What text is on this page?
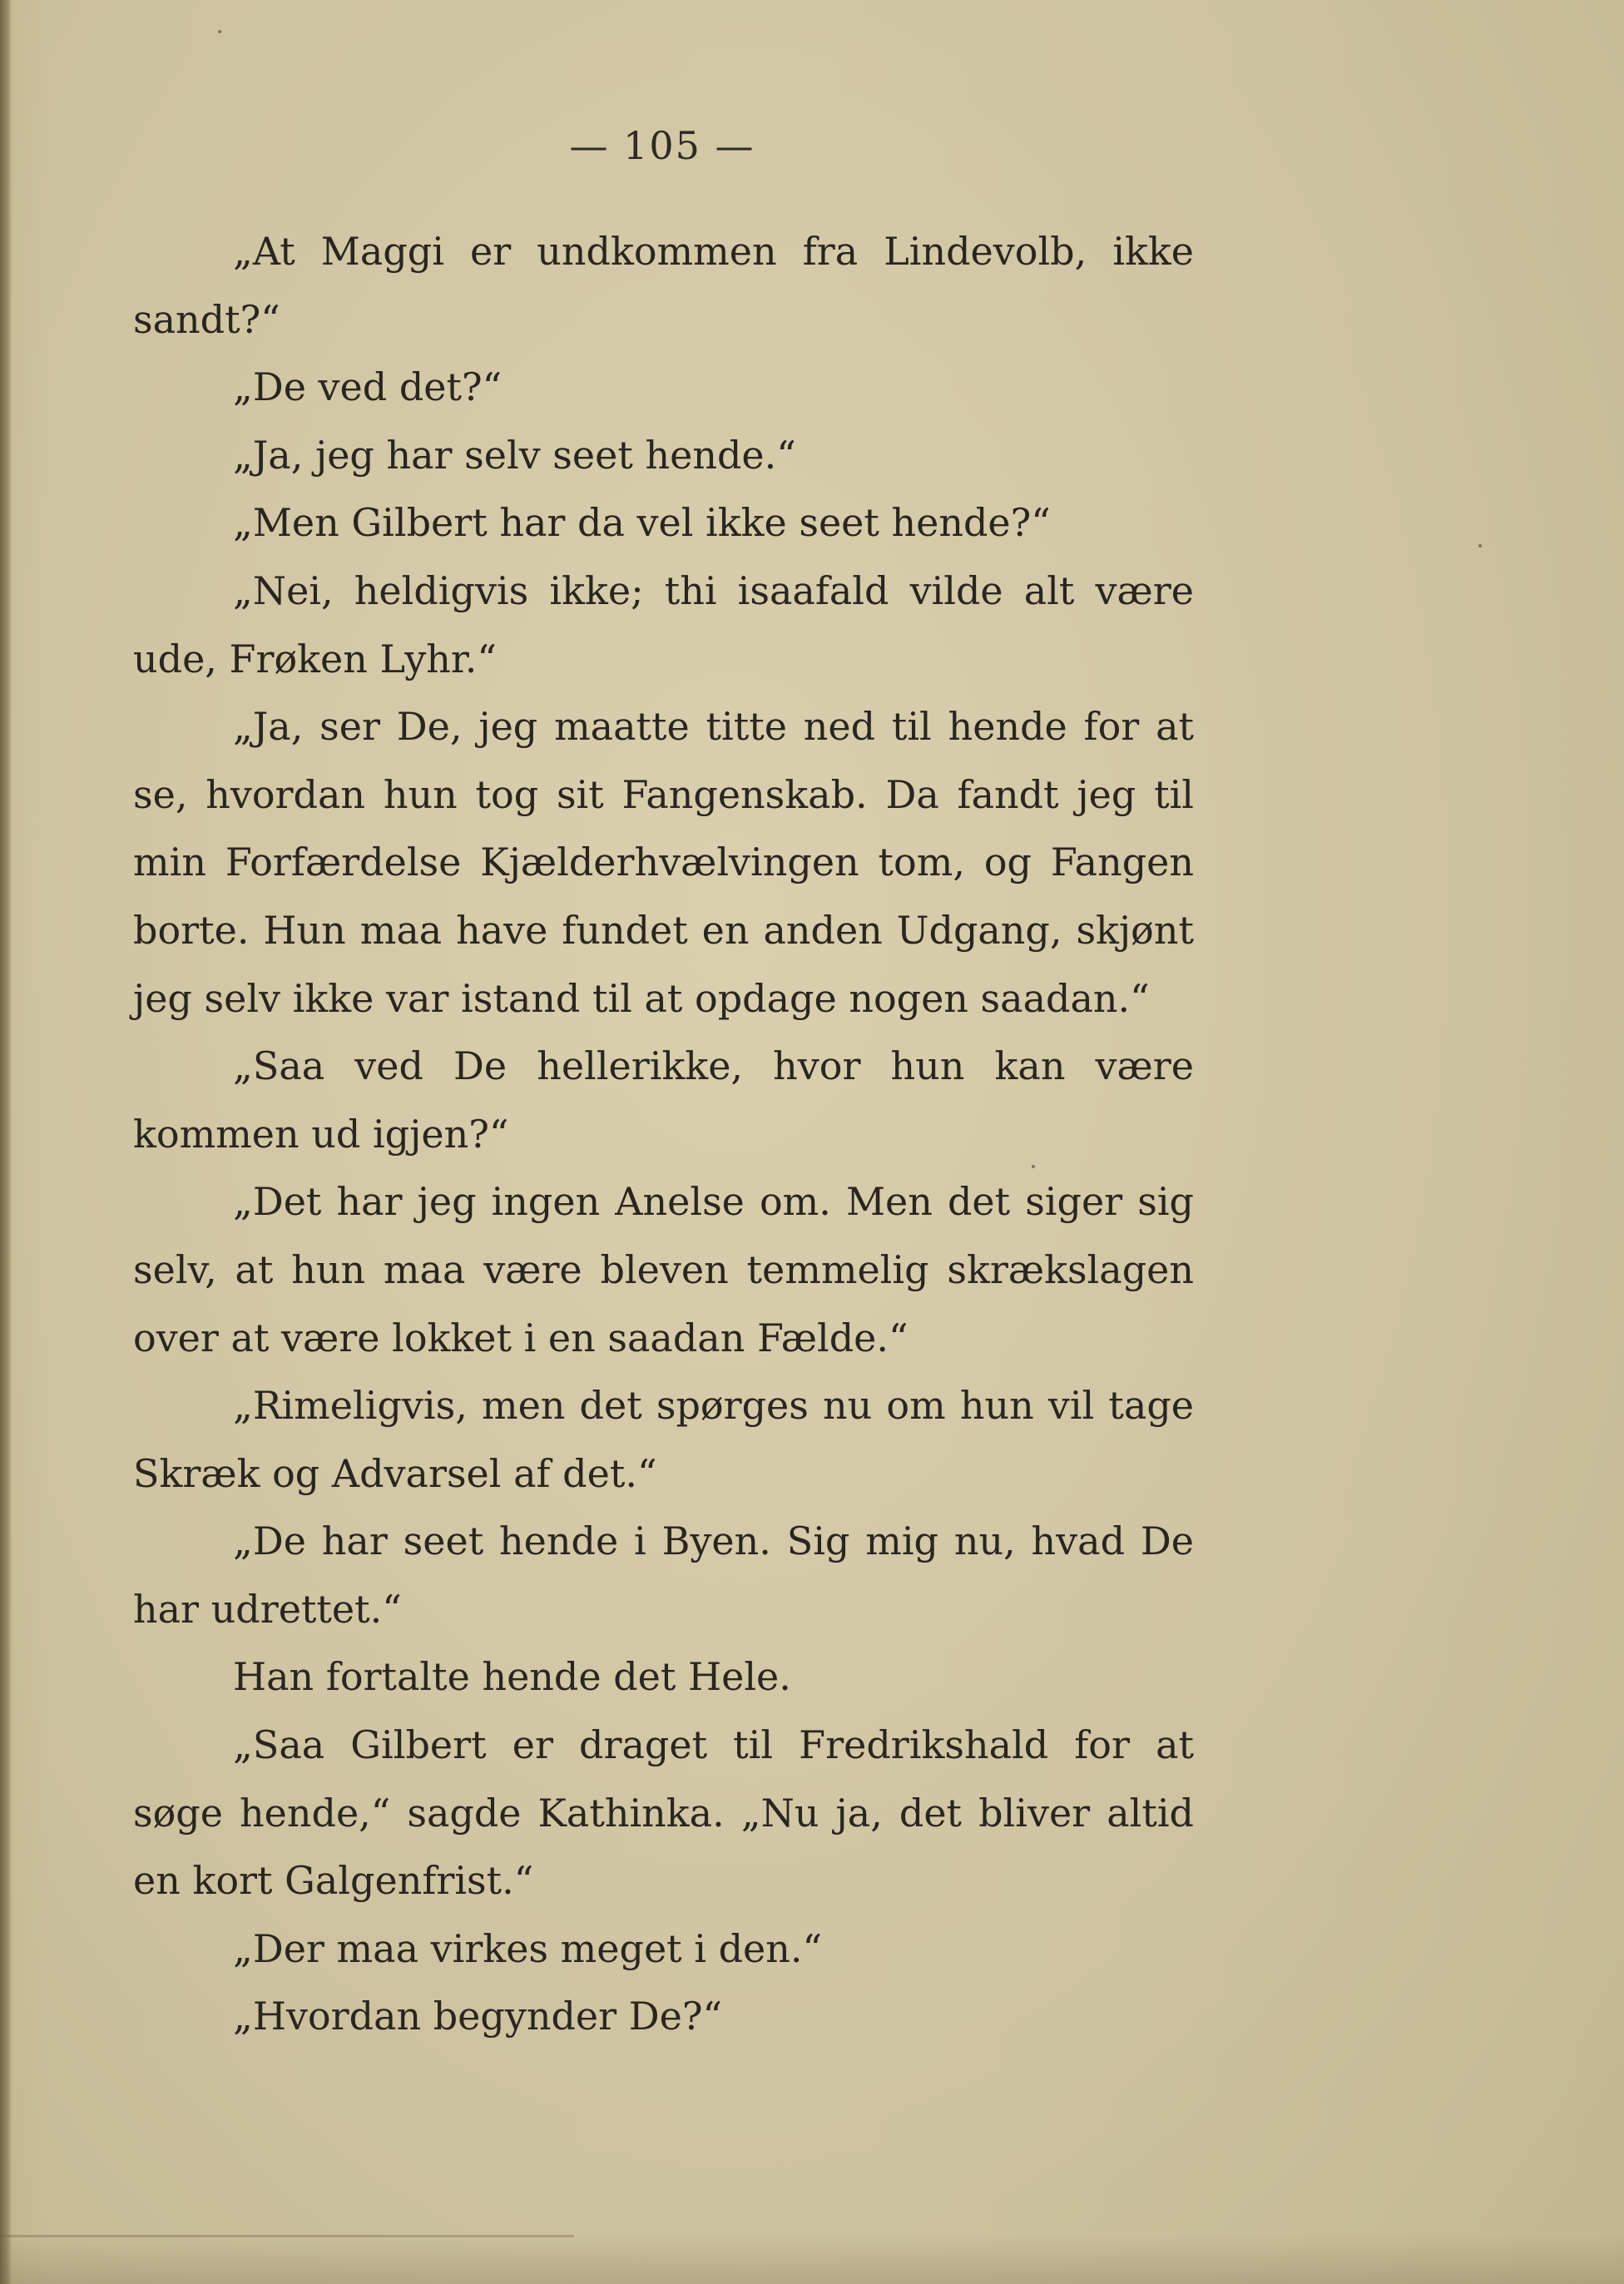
— 105 —

„At Maggi er undkommen fra Lindevolb, ikke sandt?“

„De ved det?“

„Ja, jeg har selv seet hende.“

„Men Gilbert har da vel ikke seet hende?“

„Nei, heldigvis ikke; thi isaafald vilde alt være ude, Frøken Lyhr.“

„Ja, ser De, jeg maatte titte ned til hende for at se, hvordan hun tog sit Fangenskab. Da fandt jeg til min Forfærdelse Kjælderhvælvingen tom, og Fangen borte. Hun maa have fundet en anden Udgang, skjønt jeg selv ikke var istand til at opdage nogen saadan.“

„Saa ved De hellerikke, hvor hun kan være kommen ud igjen?“

„Det har jeg ingen Anelse om. Men det siger sig selv, at hun maa være bleven temmelig skrækslagen over at være lokket i en saadan Fælde.“

„Rimeligvis, men det spørges nu om hun vil tage Skræk og Advarsel af det.“

„De har seet hende i Byen. Sig mig nu, hvad De har udrettet.“

Han fortalte hende det Hele.

„Saa Gilbert er draget til Fredrikshald for at søge hende,“ sagde Kathinka. „Nu ja, det bliver altid en kort Galgenfrist.“

„Der maa virkes meget i den.“

„Hvordan begynder De?“
